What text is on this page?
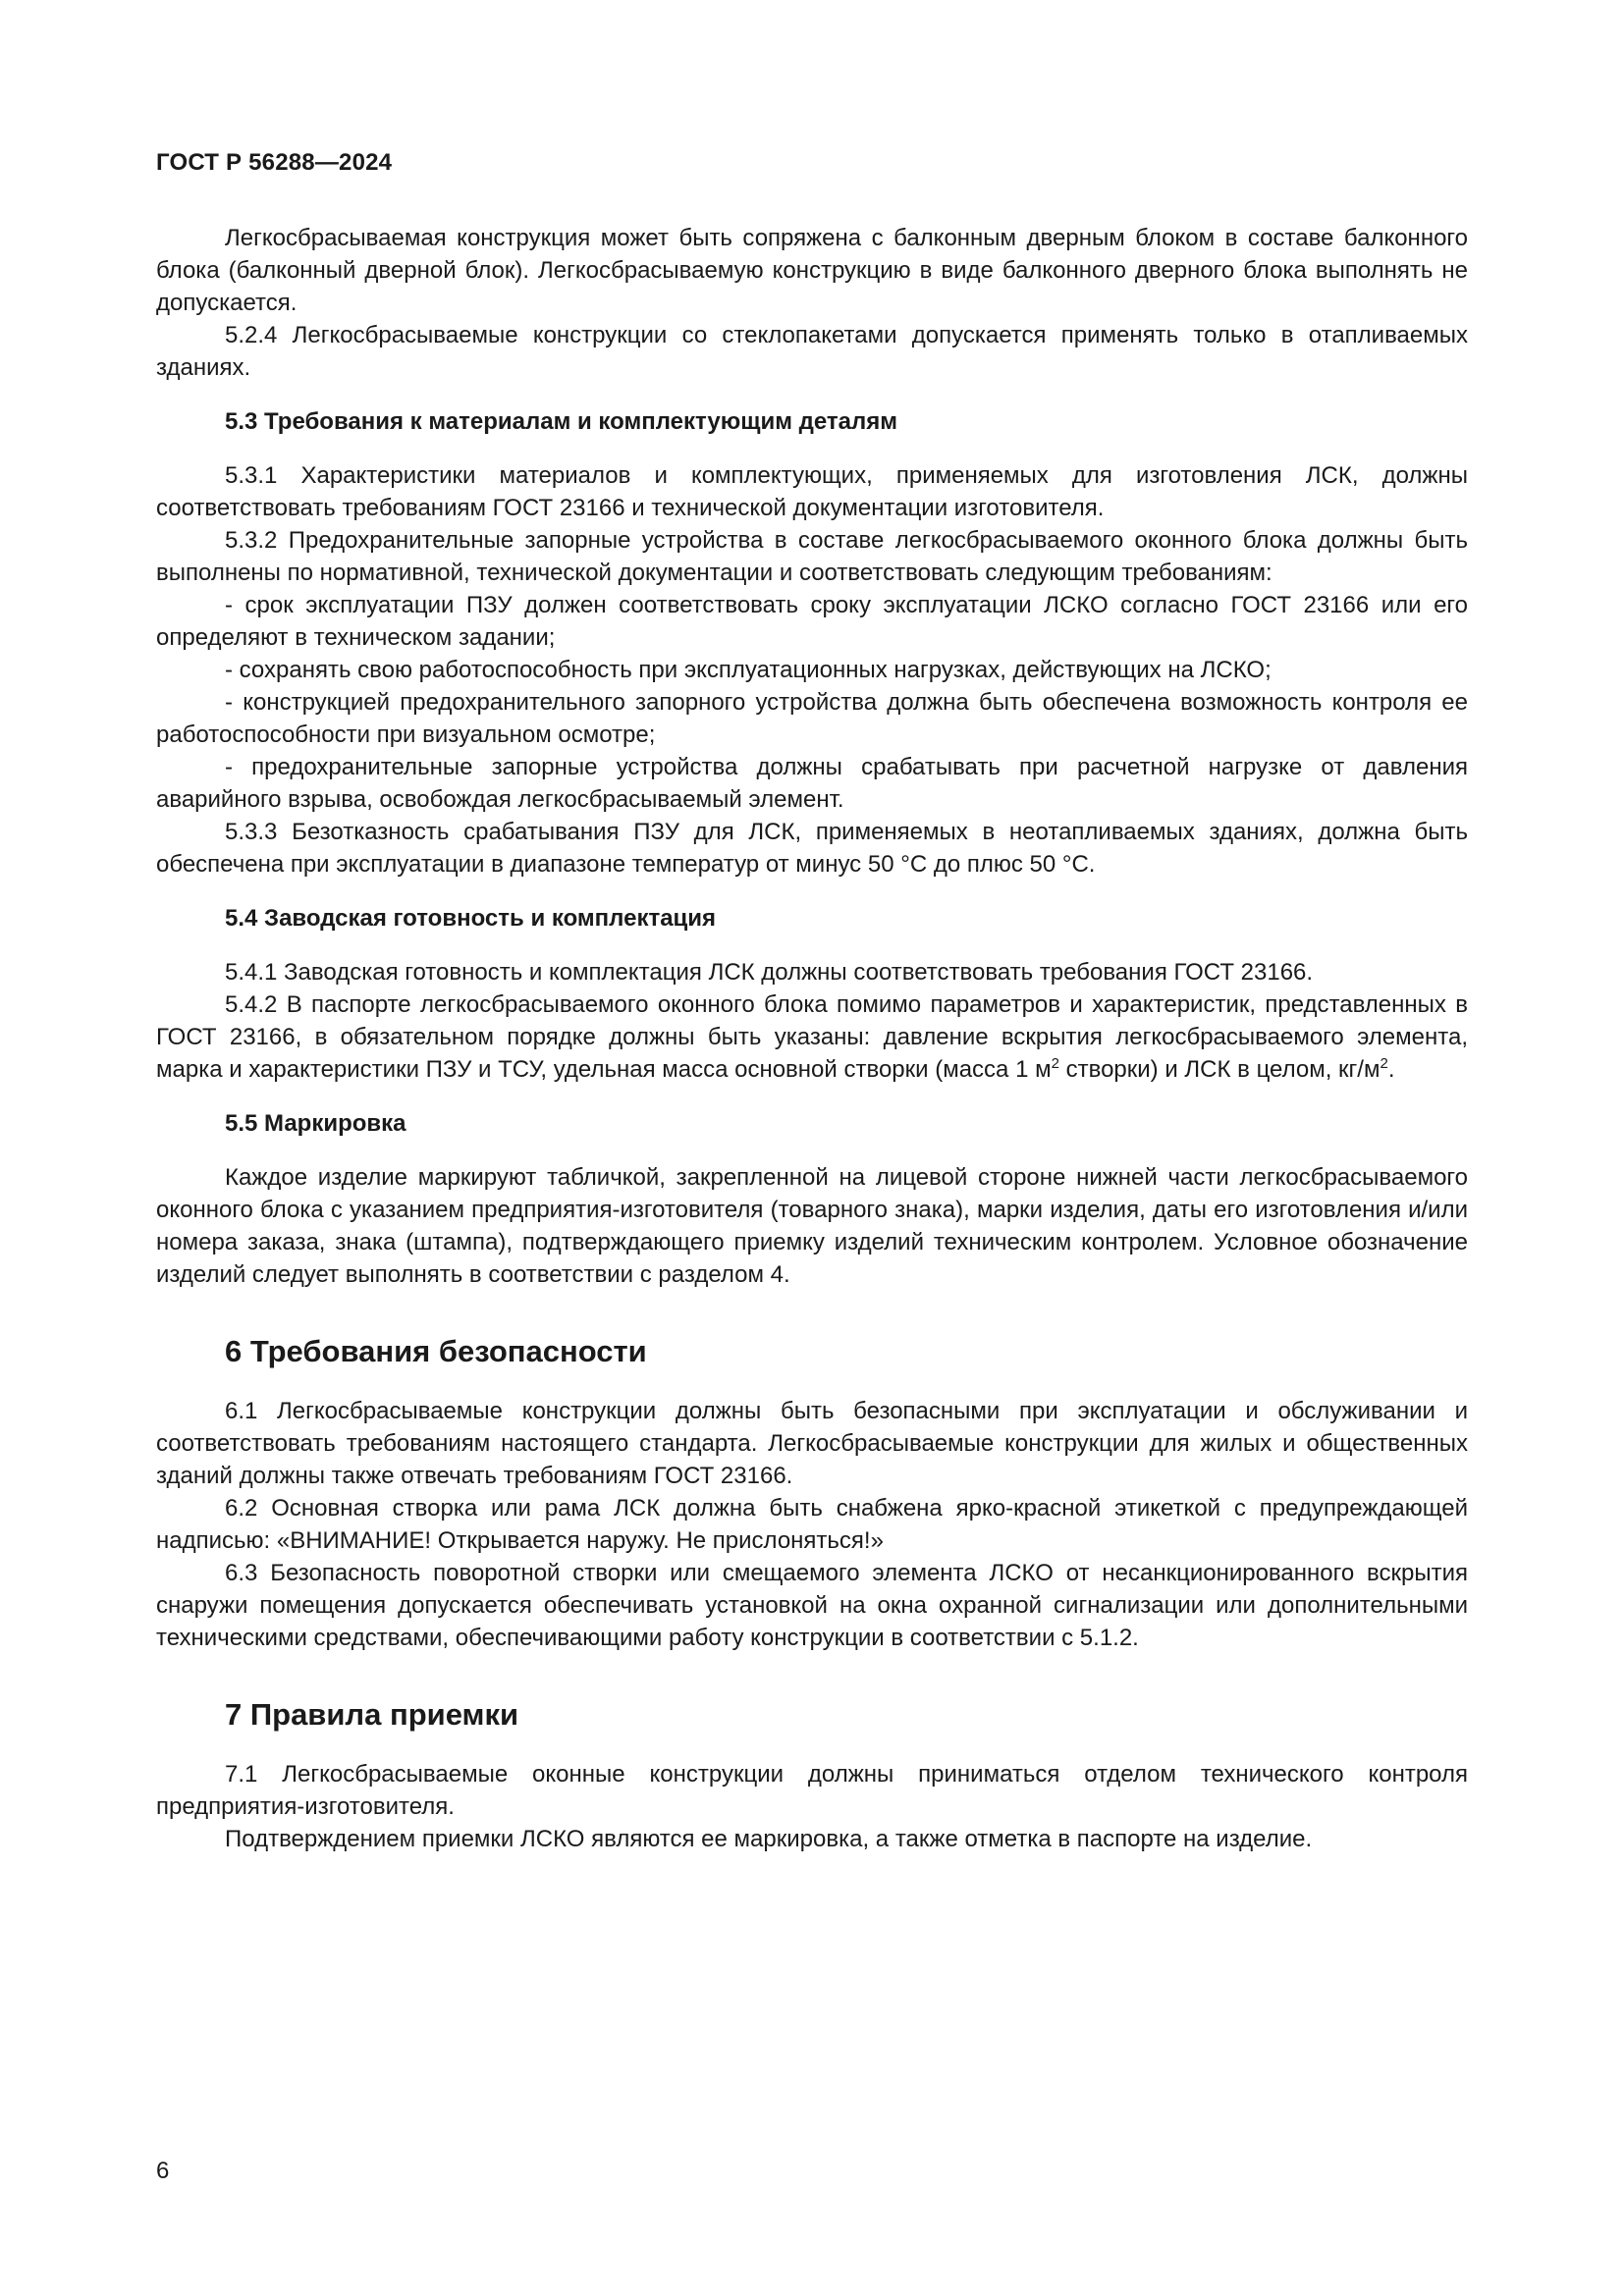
ГОСТ Р 56288—2024

Легкосбрасываемая конструкция может быть сопряжена с балконным дверным блоком в составе балконного блока (балконный дверной блок). Легкосбрасываемую конструкцию в виде балконного дверного блока выполнять не допускается.

5.2.4 Легкосбрасываемые конструкции со стеклопакетами допускается применять только в отапливаемых зданиях.

5.3 Требования к материалам и комплектующим деталям

5.3.1 Характеристики материалов и комплектующих, применяемых для изготовления ЛСК, должны соответствовать требованиям ГОСТ 23166 и технической документации изготовителя.

5.3.2 Предохранительные запорные устройства в составе легкосбрасываемого оконного блока должны быть выполнены по нормативной, технической документации и соответствовать следующим требованиям:

- срок эксплуатации ПЗУ должен соответствовать сроку эксплуатации ЛСКО согласно ГОСТ 23166 или его определяют в техническом задании;

- сохранять свою работоспособность при эксплуатационных нагрузках, действующих на ЛСКО;

- конструкцией предохранительного запорного устройства должна быть обеспечена возможность контроля ее работоспособности при визуальном осмотре;

- предохранительные запорные устройства должны срабатывать при расчетной нагрузке от давления аварийного взрыва, освобождая легкосбрасываемый элемент.

5.3.3 Безотказность срабатывания ПЗУ для ЛСК, применяемых в неотапливаемых зданиях, должна быть обеспечена при эксплуатации в диапазоне температур от минус 50 °С до плюс 50 °С.

5.4 Заводская готовность и комплектация

5.4.1 Заводская готовность и комплектация ЛСК должны соответствовать требования ГОСТ 23166.

5.4.2 В паспорте легкосбрасываемого оконного блока помимо параметров и характеристик, представленных в ГОСТ 23166, в обязательном порядке должны быть указаны: давление вскрытия легкосбрасываемого элемента, марка и характеристики ПЗУ и ТСУ, удельная масса основной створки (масса 1 $м^2$ створки) и ЛСК в целом, $кг/м^2$.

5.5 Маркировка

Каждое изделие маркируют табличкой, закрепленной на лицевой стороне нижней части легкосбрасываемого оконного блока с указанием предприятия-изготовителя (товарного знака), марки изделия, даты его изготовления и/или номера заказа, знака (штампа), подтверждающего приемку изделий техническим контролем. Условное обозначение изделий следует выполнять в соответствии с разделом 4.

6 Требования безопасности

6.1 Легкосбрасываемые конструкции должны быть безопасными при эксплуатации и обслуживании и соответствовать требованиям настоящего стандарта. Легкосбрасываемые конструкции для жилых и общественных зданий должны также отвечать требованиям ГОСТ 23166.

6.2 Основная створка или рама ЛСК должна быть снабжена ярко-красной этикеткой с предупреждающей надписью: «ВНИМАНИЕ! Открывается наружу. Не прислоняться!»

6.3 Безопасность поворотной створки или смещаемого элемента ЛСКО от несанкционированного вскрытия снаружи помещения допускается обеспечивать установкой на окна охранной сигнализации или дополнительными техническими средствами, обеспечивающими работу конструкции в соответствии с 5.1.2.

7 Правила приемки

7.1 Легкосбрасываемые оконные конструкции должны приниматься отделом технического контроля предприятия-изготовителя.

Подтверждением приемки ЛСКО являются ее маркировка, а также отметка в паспорте на изделие.

6
